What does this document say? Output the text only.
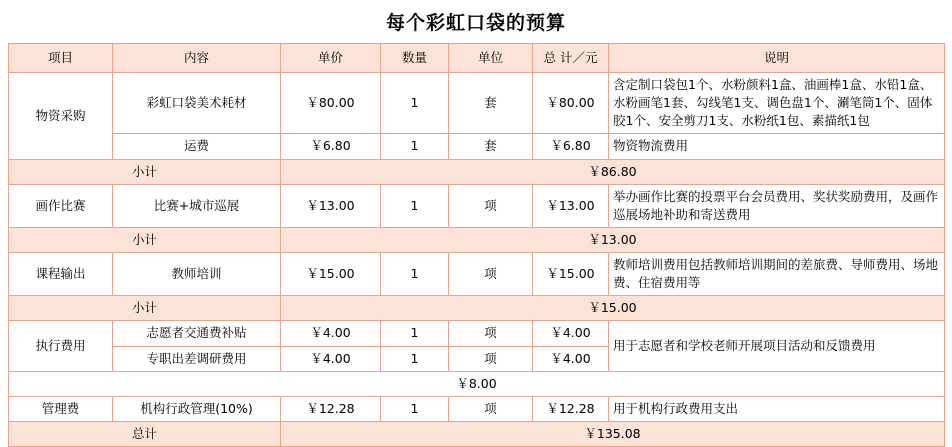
每个彩虹口袋的预算
项目	内容	单价	数量	单位	总 计／元	说明
物资采购	彩虹口袋美术耗材	￥80.00	1	套	￥80.00	含定制口袋包1个、水粉颜料1盒、油画棒1盒、水铅1盒、水粉画笔1套、勾线笔1支、调色盘1个、涮笔筒1个、固体胶1个、安全剪刀1支、水粉纸1包、素描纸1包
	运费	￥6.80	1	套	￥6.80	物资物流费用
小计		￥86.80				
画作比赛	比赛+城市巡展	￥13.00	1	项	￥13.00	举办画作比赛的投票平台会员费用、奖状奖励费用，及画作巡展场地补助和寄送费用
小计		￥13.00				
课程输出	教师培训	￥15.00	1	项	￥15.00	教师培训费用包括教师培训期间的差旅费、导师费用、场地费、住宿费用等
小计		￥15.00				
执行费用	志愿者交通费补贴	￥4.00	1	项	￥4.00	用于志愿者和学校老师开展项目活动和反馈费用
	专职出差调研费用	￥4.00	1	项	￥4.00	
￥8.00						
管理费	机构行政管理(10%)	￥12.28	1	项	￥12.28	用于机构行政费用支出
总计		￥135.08				
